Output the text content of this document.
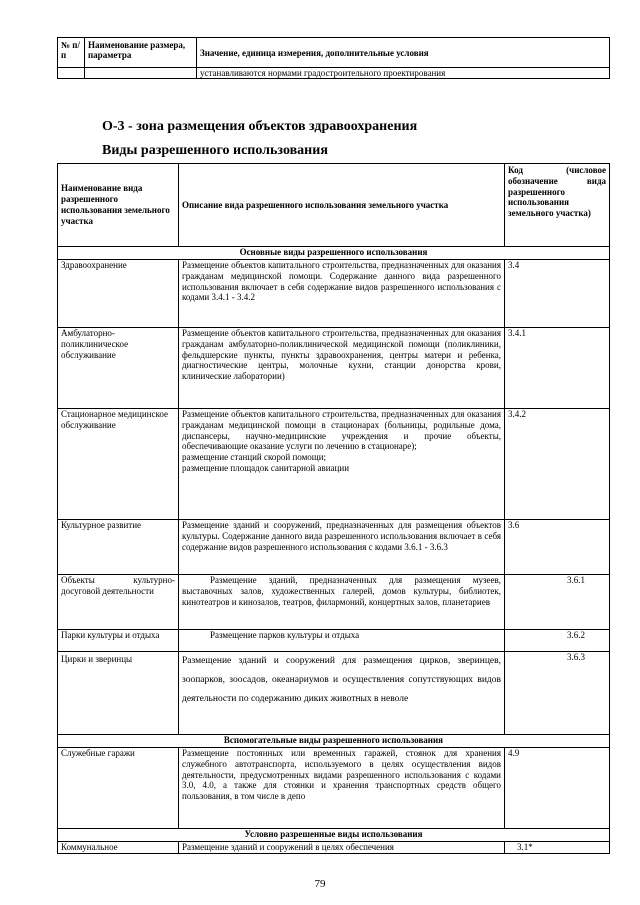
№ п/п	Наименование размера, параметра	Значение, единица измерения, дополнительные условия
		устанавливаются нормами градостроительного проектирования
О-3 - зона размещения объектов здравоохранения
Виды разрешенного использования
Наименование вида разрешенного использования земельного участка	Описание вида разрешенного использования земельного участка	Код (числовое обозначение вида разрешенного использования земельного участка)
Основные виды разрешенного использования		
Здравоохранение	Размещение объектов капитального строительства, предназначенных для оказания гражданам медицинской помощи. Содержание данного вида разрешенного использования включает в себя содержание видов разрешенного использования с кодами 3.4.1 - 3.4.2	3.4
Амбулаторно-поликлиническое обслуживание	Размещение объектов капитального строительства, предназначенных для оказания гражданам амбулаторно-поликлинической медицинской помощи (поликлиники, фельдшерские пункты, пункты здравоохранения, центры матери и ребенка, диагностические центры, молочные кухни, станции донорства крови, клинические лаборатории)	3.4.1
Стационарное медицинское обслуживание	Размещение объектов капитального строительства, предназначенных для оказания гражданам медицинской помощи в стационарах (больницы, родильные дома, диспансеры, научно-медицинские учреждения и прочие объекты, обеспечивающие оказание услуги по лечению в стационаре);
размещение станций скорой помощи;
размещение площадок санитарной авиации	3.4.2
Культурное развитие	Размещение зданий и сооружений, предназначенных для размещения объектов культуры. Содержание данного вида разрешенного использования включает в себя содержание видов разрешенного использования с кодами 3.6.1 - 3.6.3	3.6
Объекты культурно-досуговой деятельности	Размещение зданий, предназначенных для размещения музеев, выставочных залов, художественных галерей, домов культуры, библиотек, кинотеатров и кинозалов, театров, филармоний, концертных залов, планетариев	3.6.1
Парки культуры и отдыха	Размещение парков культуры и отдыха	3.6.2
Цирки и зверинцы	Размещение зданий и сооружений для размещения цирков, зверинцев, зоопарков, зоосадов, океанариумов и осуществления сопутствующих видов деятельности по содержанию диких животных в неволе	3.6.3
Вспомогательные виды разрешенного использования		
Служебные гаражи	Размещение постоянных или временных гаражей, стоянок для хранения служебного автотранспорта, используемого в целях осуществления видов деятельности, предусмотренных видами разрешенного использования с кодами 3.0, 4.0, а также для стоянки и хранения транспортных средств общего пользования, в том числе в депо	4.9
Условно разрешенные виды использования		
Коммунальное	Размещение зданий и сооружений в целях обеспечения	3.1*
79
